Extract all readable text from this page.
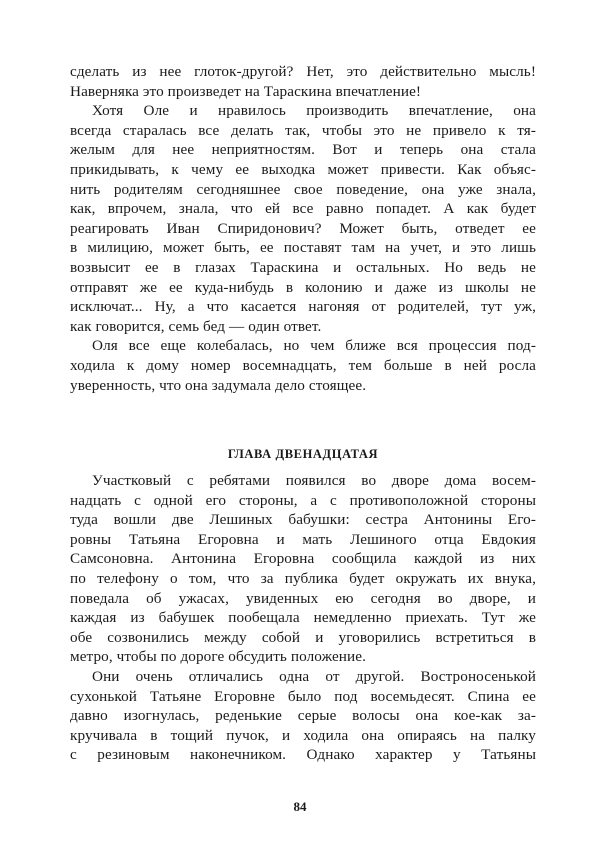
сделать из нее глоток-другой? Нет, это действительно мысль!
Наверняка это произведет на Тараскина впечатление!
Хотя Оле и нравилось производить впечатление, она
всегда старалась все делать так, чтобы это не привело к тя-
желым для нее неприятностям. Вот и теперь она стала
прикидывать, к чему ее выходка может привести. Как объяс-
нить родителям сегодняшнее свое поведение, она уже знала,
как, впрочем, знала, что ей все равно попадет. А как будет
реагировать Иван Спиридонович? Может быть, отведет ее
в милицию, может быть, ее поставят там на учет, и это лишь
возвысит ее в глазах Тараскина и остальных. Но ведь не
отправят же ее куда-нибудь в колонию и даже из школы не
исключат... Ну, а что касается нагоняя от родителей, тут уж,
как говорится, семь бед — один ответ.
Оля все еще колебалась, но чем ближе вся процессия под-
ходила к дому номер восемнадцать, тем больше в ней росла
уверенность, что она задумала дело стоящее.
ГЛАВА ДВЕНАДЦАТАЯ
Участковый с ребятами появился во дворе дома восем-
надцать с одной его стороны, а с противоположной стороны
туда вошли две Лешиных бабушки: сестра Антонины Его-
ровны Татьяна Егоровна и мать Лешиного отца Евдокия
Самсоновна. Антонина Егоровна сообщила каждой из них
по телефону о том, что за публика будет окружать их внука,
поведала об ужасах, увиденных ею сегодня во дворе, и
каждая из бабушек пообещала немедленно приехать. Тут же
обе созвонились между собой и уговорились встретиться в
метро, чтобы по дороге обсудить положение.
Они очень отличались одна от другой. Востроносенькой
сухонькой Татьяне Егоровне было под восемьдесят. Спина ее
давно изогнулась, реденькие серые волосы она кое-как за-
кручивала в тощий пучок, и ходила она опираясь на палку
с резиновым наконечником. Однако характер у Татьяны
84
